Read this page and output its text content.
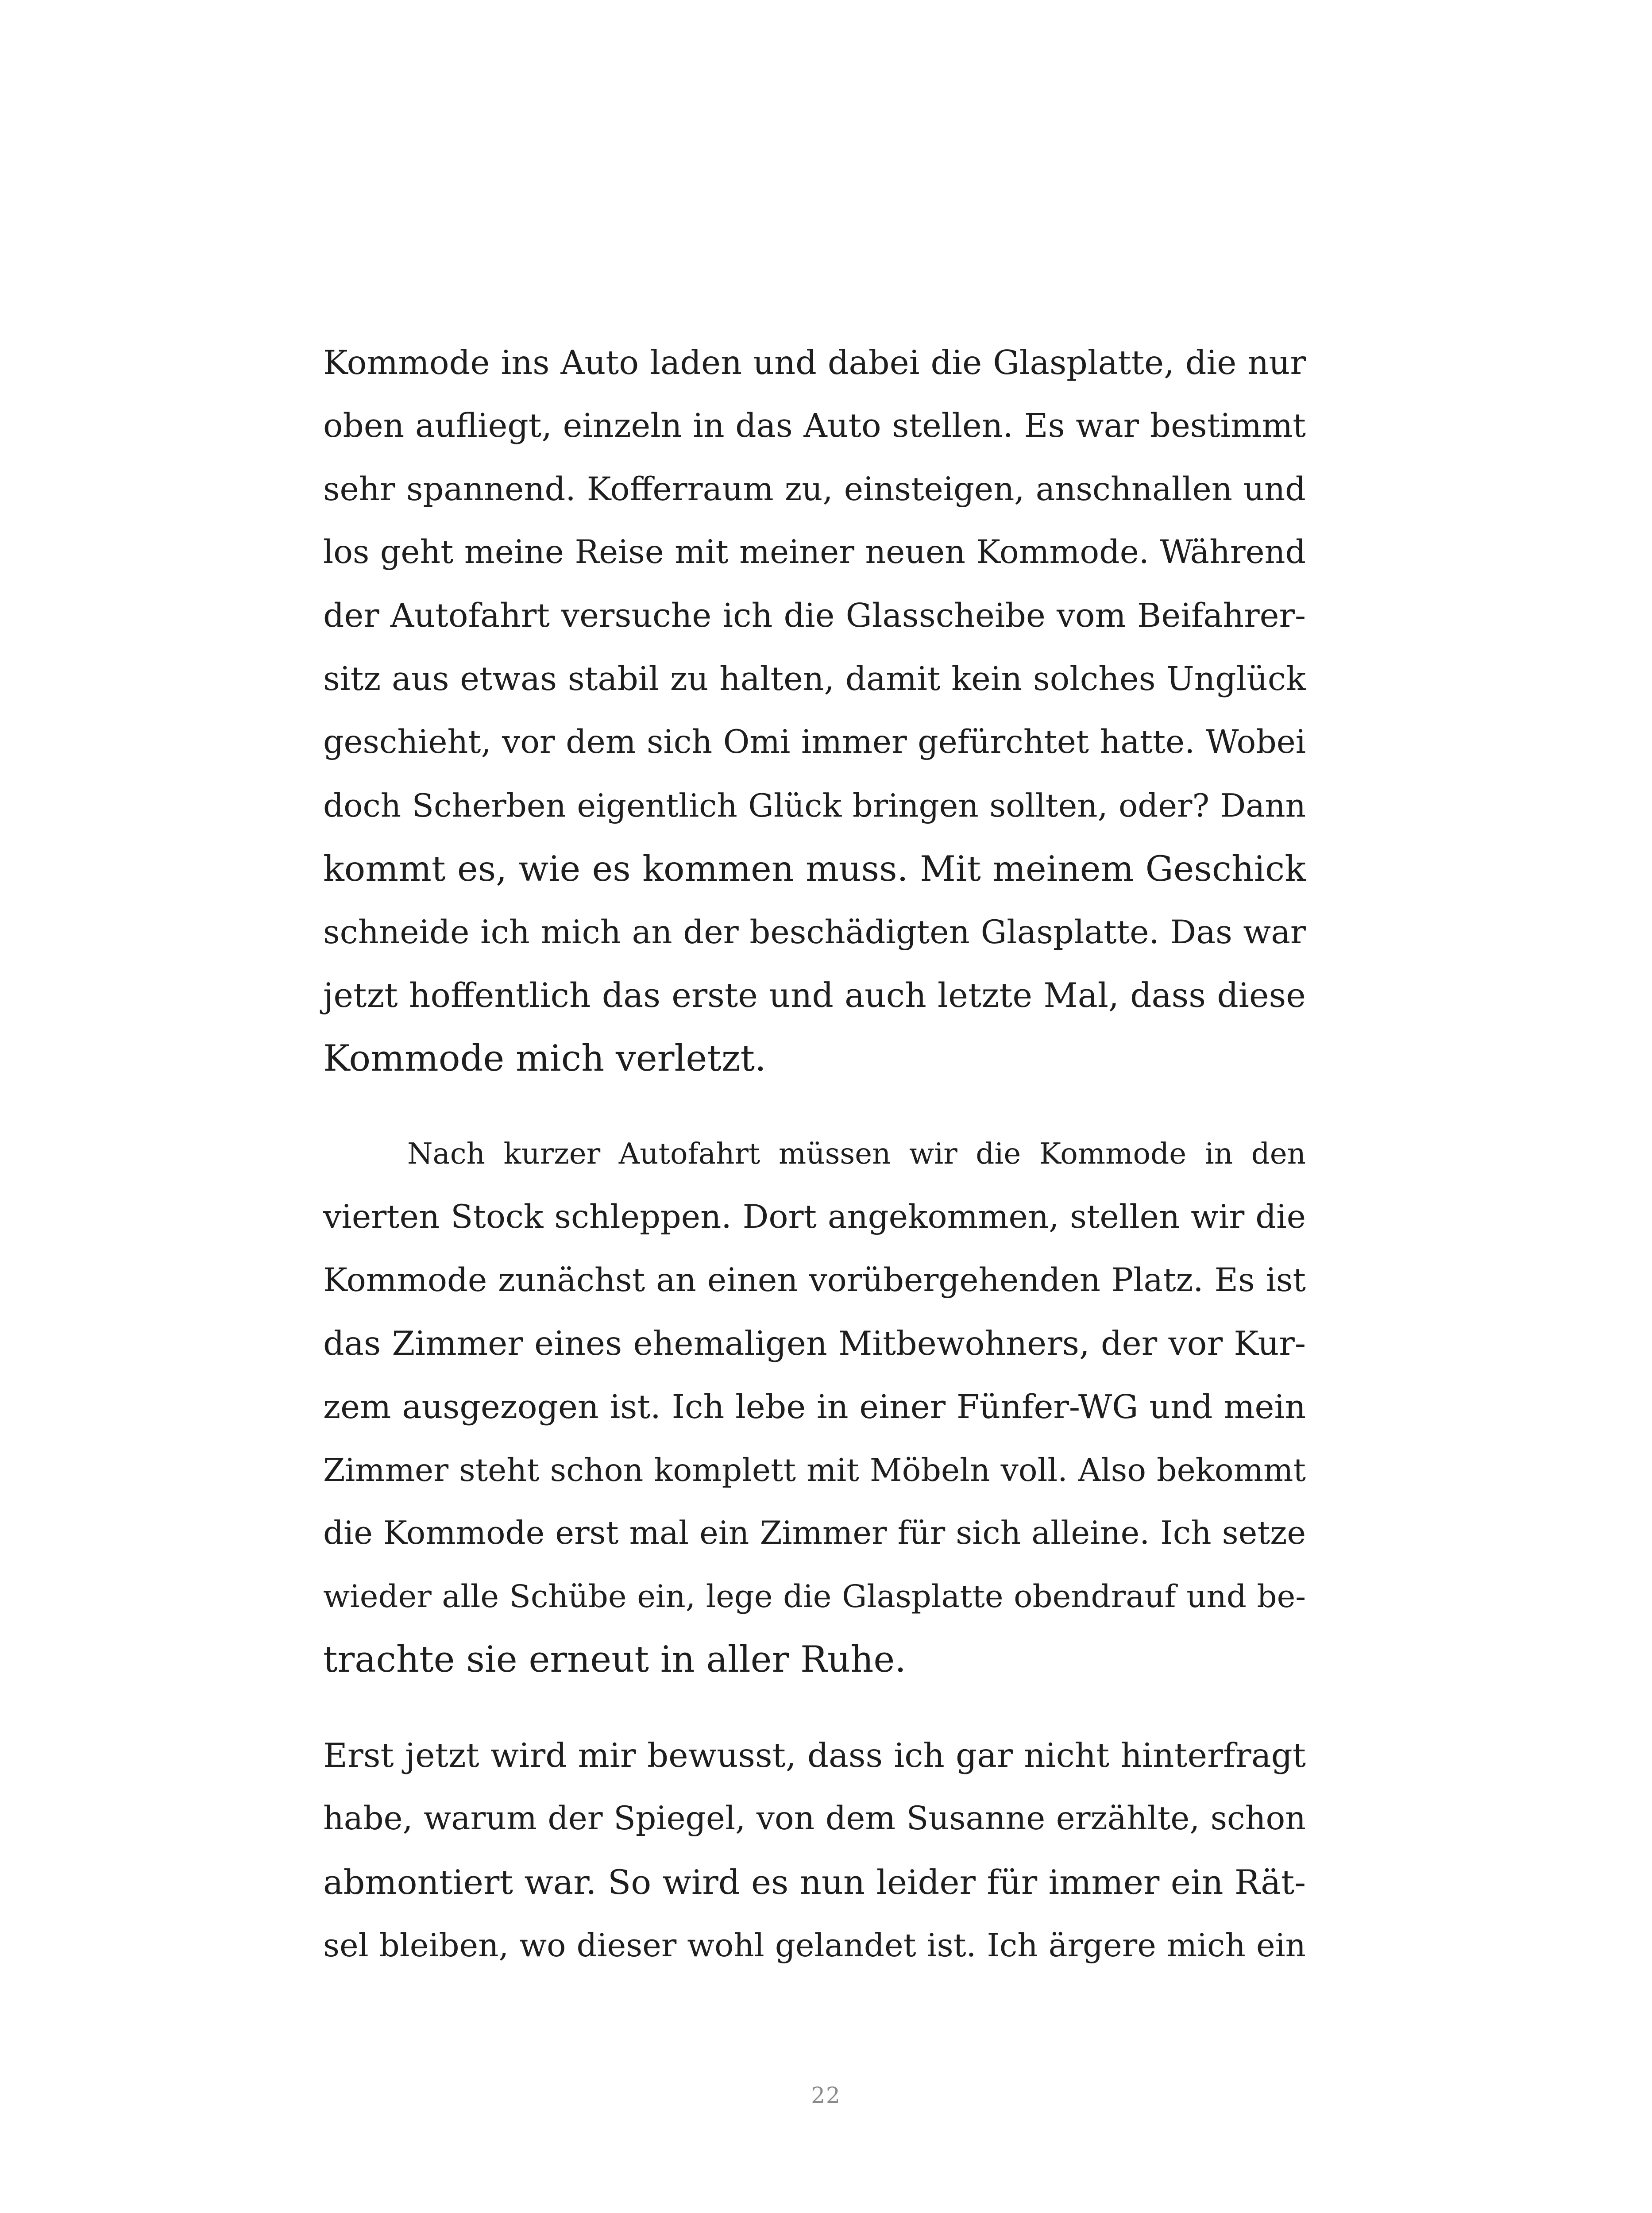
Kommode ins Auto laden und dabei die Glasplatte, die nur
oben aufliegt, einzeln in das Auto stellen. Es war bestimmt
sehr spannend. Kofferraum zu, einsteigen, anschnallen und
los geht meine Reise mit meiner neuen Kommode. Während
der Autofahrt versuche ich die Glasscheibe vom Beifahrer-
sitz aus etwas stabil zu halten, damit kein solches Unglück
geschieht, vor dem sich Omi immer gefürchtet hatte. Wobei
doch Scherben eigentlich Glück bringen sollten, oder? Dann
kommt es, wie es kommen muss. Mit meinem Geschick
schneide ich mich an der beschädigten Glasplatte. Das war
jetzt hoffentlich das erste und auch letzte Mal, dass diese
Kommode mich verletzt.
Nach kurzer Autofahrt müssen wir die Kommode in den
vierten Stock schleppen. Dort angekommen, stellen wir die
Kommode zunächst an einen vorübergehenden Platz. Es ist
das Zimmer eines ehemaligen Mitbewohners, der vor Kur-
zem ausgezogen ist. Ich lebe in einer Fünfer-WG und mein
Zimmer steht schon komplett mit Möbeln voll. Also bekommt
die Kommode erst mal ein Zimmer für sich alleine. Ich setze
wieder alle Schübe ein, lege die Glasplatte obendrauf und be-
trachte sie erneut in aller Ruhe.
Erst jetzt wird mir bewusst, dass ich gar nicht hinterfragt
habe, warum der Spiegel, von dem Susanne erzählte, schon
abmontiert war. So wird es nun leider für immer ein Rät-
sel bleiben, wo dieser wohl gelandet ist. Ich ärgere mich ein
22
